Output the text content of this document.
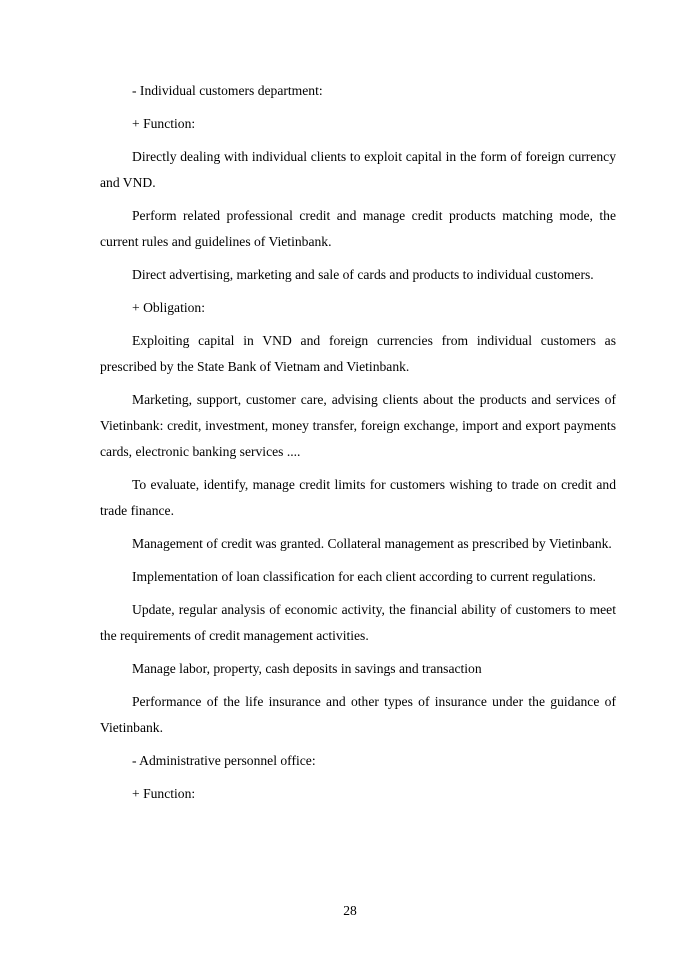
- Individual customers department:

+ Function:

Directly dealing with individual clients to exploit capital in the form of foreign currency and VND.

Perform related professional credit and manage credit products matching mode, the current rules and guidelines of Vietinbank.

Direct advertising, marketing and sale of cards and products to individual customers.

+ Obligation:

Exploiting capital in VND and foreign currencies from individual customers as prescribed by the State Bank of Vietnam and Vietinbank.

Marketing, support, customer care, advising clients about the products and services of Vietinbank: credit, investment, money transfer, foreign exchange, import and export payments cards, electronic banking services ....

To evaluate, identify, manage credit limits for customers wishing to trade on credit and trade finance.

Management of credit was granted. Collateral management as prescribed by Vietinbank.

Implementation of loan classification for each client according to current regulations.

Update, regular analysis of economic activity, the financial ability of customers to meet the requirements of credit management activities.

Manage labor, property, cash deposits in savings and transaction

Performance of the life insurance and other types of insurance under the guidance of Vietinbank.

- Administrative personnel office:

+ Function:

28
